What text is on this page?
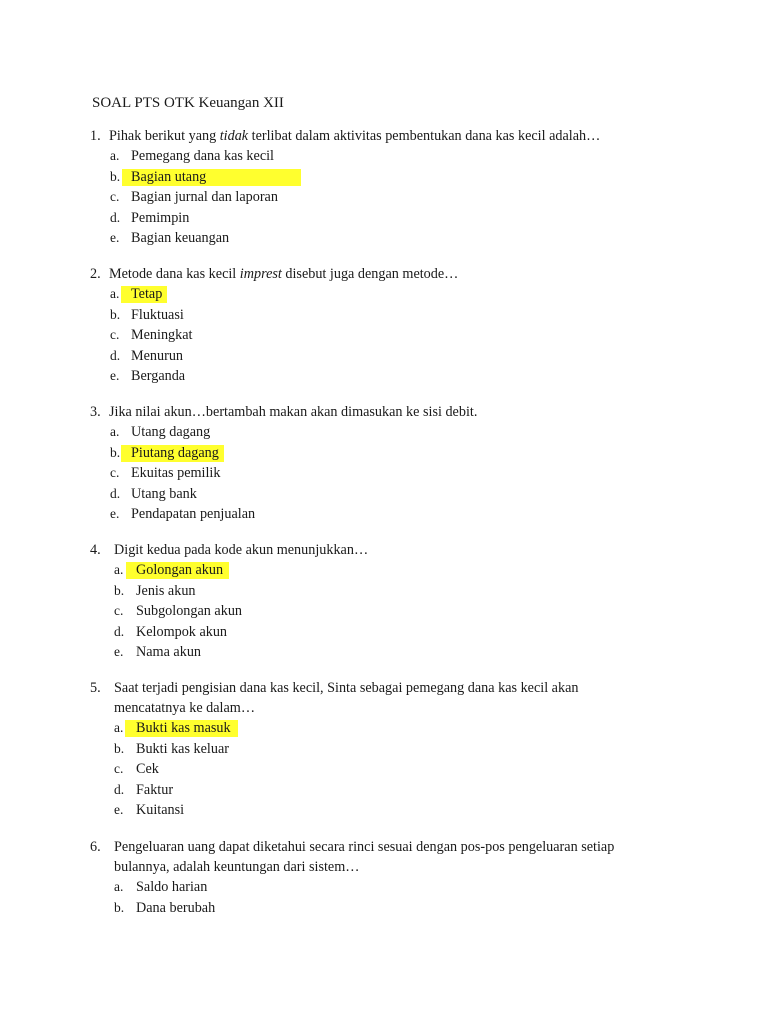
SOAL PTS OTK Keuangan XII
1. Pihak berikut yang tidak terlibat dalam aktivitas pembentukan dana kas kecil adalah…
a. Pemegang dana kas kecil
b. Bagian utang
c. Bagian jurnal dan laporan
d. Pemimpin
e. Bagian keuangan
2. Metode dana kas kecil imprest disebut juga dengan metode…
a. Tetap
b. Fluktuasi
c. Meningkat
d. Menurun
e. Berganda
3. Jika nilai akun…bertambah makan akan dimasukan ke sisi debit.
a. Utang dagang
b. Piutang dagang
c. Ekuitas pemilik
d. Utang bank
e. Pendapatan penjualan
4. Digit kedua pada kode akun menunjukkan…
a. Golongan akun
b. Jenis akun
c. Subgolongan akun
d. Kelompok akun
e. Nama akun
5. Saat terjadi pengisian dana kas kecil, Sinta sebagai pemegang dana kas kecil akan
mencatatnya ke dalam…
a. Bukti kas masuk
b. Bukti kas keluar
c. Cek
d. Faktur
e. Kuitansi
6. Pengeluaran uang dapat diketahui secara rinci sesuai dengan pos-pos pengeluaran setiap
bulannya, adalah keuntungan dari sistem…
a. Saldo harian
b. Dana berubah
